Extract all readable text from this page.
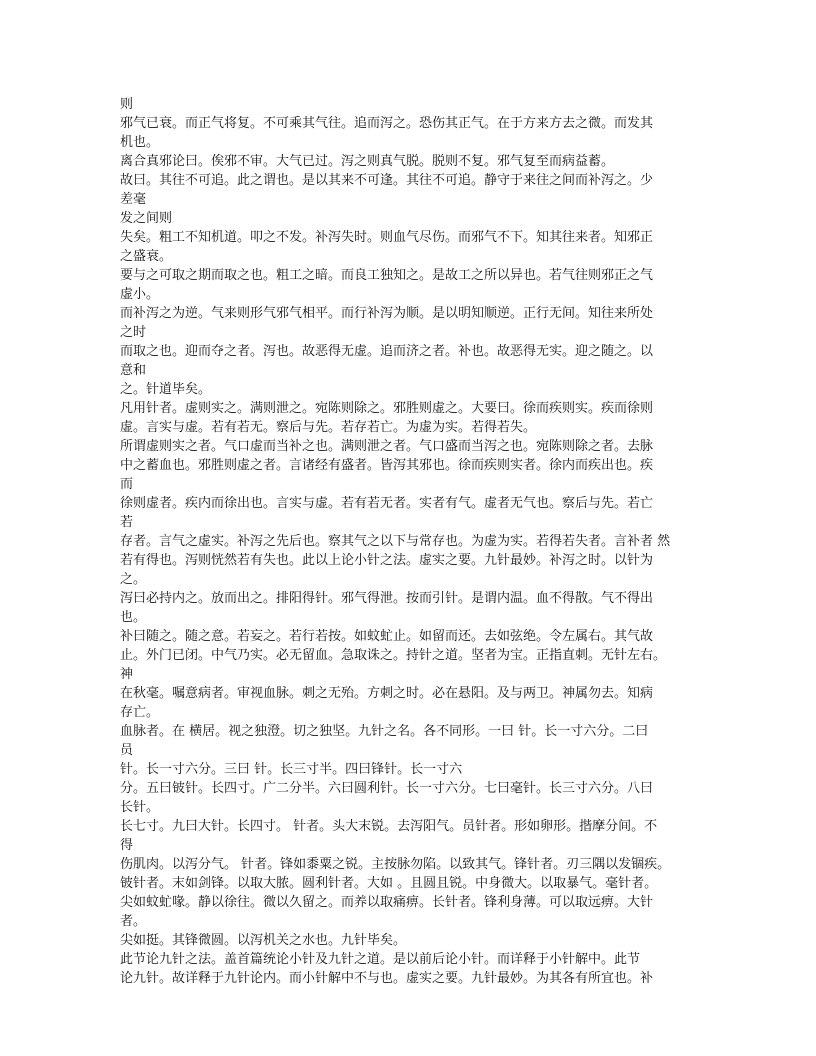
则
邪气已衰。而正气将复。不可乘其气往。追而泻之。恐伤其正气。在于方来方去之微。而发其
机也。
离合真邪论曰。俟邪不审。大气已过。泻之则真气脱。脱则不复。邪气复至而病益蓄。
故曰。其往不可追。此之谓也。是以其来不可逢。其往不可追。静守于来往之间而补泻之。少
差毫
发之间则
失矣。粗工不知机道。叩之不发。补泻失时。则血气尽伤。而邪气不下。知其往来者。知邪正
之盛衰。
要与之可取之期而取之也。粗工之暗。而良工独知之。是故工之所以异也。若气往则邪正之气
虚小。
而补泻之为逆。气来则形气邪气相平。而行补泻为顺。是以明知顺逆。正行无间。知往来所处
之时
而取之也。迎而夺之者。泻也。故恶得无虚。追而济之者。补也。故恶得无实。迎之随之。以
意和
之。针道毕矣。
凡用针者。虚则实之。满则泄之。宛陈则除之。邪胜则虚之。大要曰。徐而疾则实。疾而徐则
虚。言实与虚。若有若无。察后与先。若存若亡。为虚为实。若得若失。
所谓虚则实之者。气口虚而当补之也。满则泄之者。气口盛而当泻之也。宛陈则除之者。去脉
中之蓄血也。邪胜则虚之者。言诸经有盛者。皆泻其邪也。徐而疾则实者。徐内而疾出也。疾
而
徐则虚者。疾内而徐出也。言实与虚。若有若无者。实者有气。虚者无气也。察后与先。若亡
若
存者。言气之虚实。补泻之先后也。察其气之以下与常存也。为虚为实。若得若失者。言补者 然
若有得也。泻则恍然若有失也。此以上论小针之法。虚实之要。九针最妙。补泻之时。以针为
之。
泻曰必持内之。放而出之。排阳得针。邪气得泄。按而引针。是谓内温。血不得散。气不得出
也。
补曰随之。随之意。若妄之。若行若按。如蚊虻止。如留而还。去如弦绝。令左属右。其气故
止。外门已闭。中气乃实。必无留血。急取诛之。持针之道。坚者为宝。正指直刺。无针左右。
神
在秋毫。嘱意病者。审视血脉。刺之无殆。方刺之时。必在悬阳。及与两卫。神属勿去。知病
存亡。
血脉者。在 横居。视之独澄。切之独坚。九针之名。各不同形。一曰 针。长一寸六分。二曰
员
针。长一寸六分。三曰 针。长三寸半。四曰锋针。长一寸六
分。五曰铍针。长四寸。广二分半。六曰圆利针。长一寸六分。七曰毫针。长三寸六分。八曰
长针。
长七寸。九曰大针。长四寸。 针者。头大末锐。去泻阳气。员针者。形如卵形。揩摩分间。不
得
伤肌肉。以泻分气。 针者。锋如黍粟之锐。主按脉勿陷。以致其气。锋针者。刃三隅以发锢疾。
铍针者。末如剑锋。以取大脓。圆利针者。大如 。且圆且锐。中身微大。以取暴气。毫针者。
尖如蚊虻喙。静以徐往。微以久留之。而养以取痛痹。长针者。锋利身薄。可以取远痹。大针
者。
尖如挺。其锋微圆。以泻机关之水也。九针毕矣。
此节论九针之法。盖首篇统论小针及九针之道。是以前后论小针。而详释于小针解中。此节
论九针。故详释于九针论内。而小针解中不与也。虚实之要。九针最妙。为其各有所宜也。补
